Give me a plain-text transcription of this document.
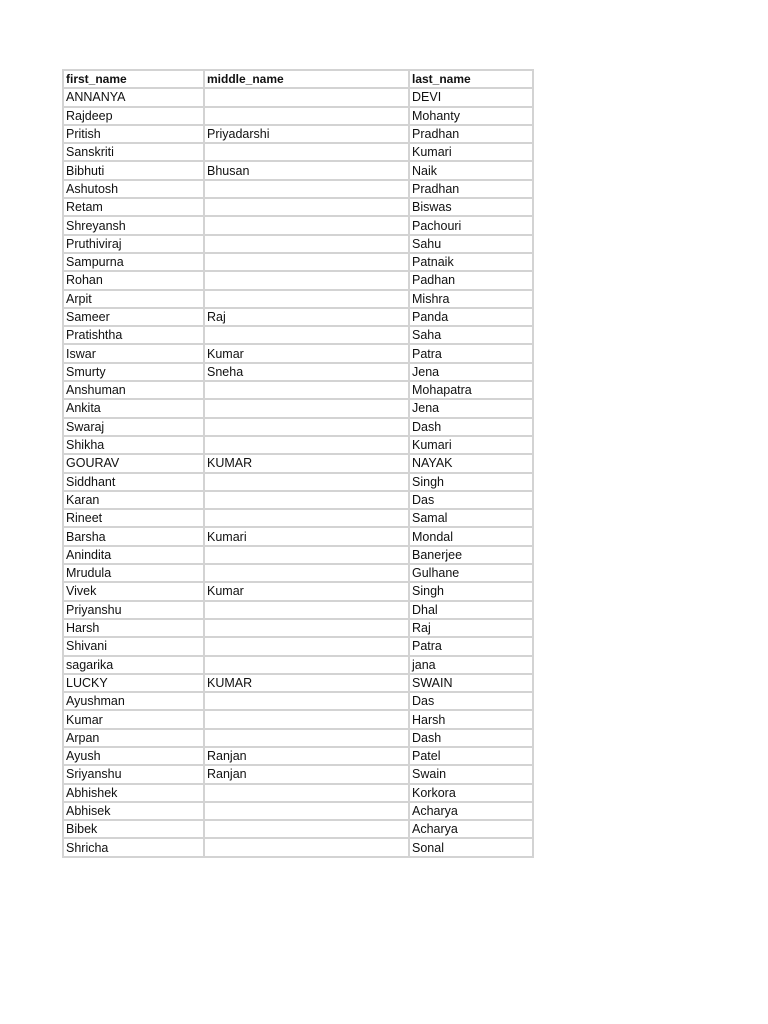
first_name	middle_name	last_name
ANNANYA		DEVI
Rajdeep		Mohanty
Pritish	Priyadarshi	Pradhan
Sanskriti		Kumari
Bibhuti	Bhusan	Naik
Ashutosh		Pradhan
Retam		Biswas
Shreyansh		Pachouri
Pruthiviraj		Sahu
Sampurna		Patnaik
Rohan		Padhan
Arpit		Mishra
Sameer	Raj	Panda
Pratishtha		Saha
Iswar	Kumar	Patra
Smurty	Sneha	Jena
Anshuman		Mohapatra
Ankita		Jena
Swaraj		Dash
Shikha		Kumari
GOURAV	KUMAR	NAYAK
Siddhant		Singh
Karan		Das
Rineet		Samal
Barsha	Kumari	Mondal
Anindita		Banerjee
Mrudula		Gulhane
Vivek	Kumar	Singh
Priyanshu		Dhal
Harsh		Raj
Shivani		Patra
sagarika		jana
LUCKY	KUMAR	SWAIN
Ayushman		Das
Kumar		Harsh
Arpan		Dash
Ayush	Ranjan	Patel
Sriyanshu	Ranjan	Swain
Abhishek		Korkora
Abhisek		Acharya
Bibek		Acharya
Shricha		Sonal
